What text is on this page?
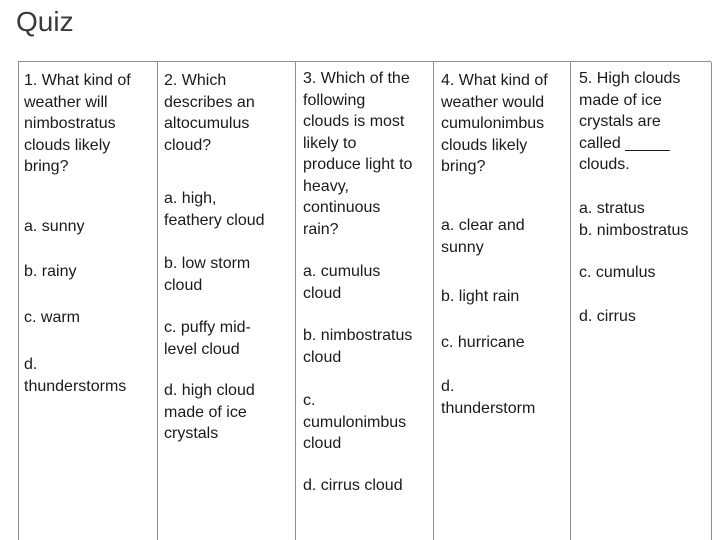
Quiz
1. What kind of
weather will
nimbostratus
clouds likely
bring?
a. sunny
b. rainy
c. warm
d.
thunderstorms
2. Which
describes an
altocumulus
cloud?
a. high,
feathery cloud
b. low storm
cloud
c. puffy mid-
level cloud
d. high cloud
made of ice
crystals
3. Which of the
following
clouds is most
likely to
produce light to
heavy,
continuous
rain?
a. cumulus
cloud
b. nimbostratus
cloud
c.
cumulonimbus
cloud
d. cirrus cloud
4. What kind of
weather would
cumulonimbus
clouds likely
bring?
a. clear and
sunny
b. light rain
c. hurricane
d.
thunderstorm
5. High clouds
made of ice
crystals are
called _____
clouds.
a. stratus
b. nimbostratus
c. cumulus
d. cirrus
